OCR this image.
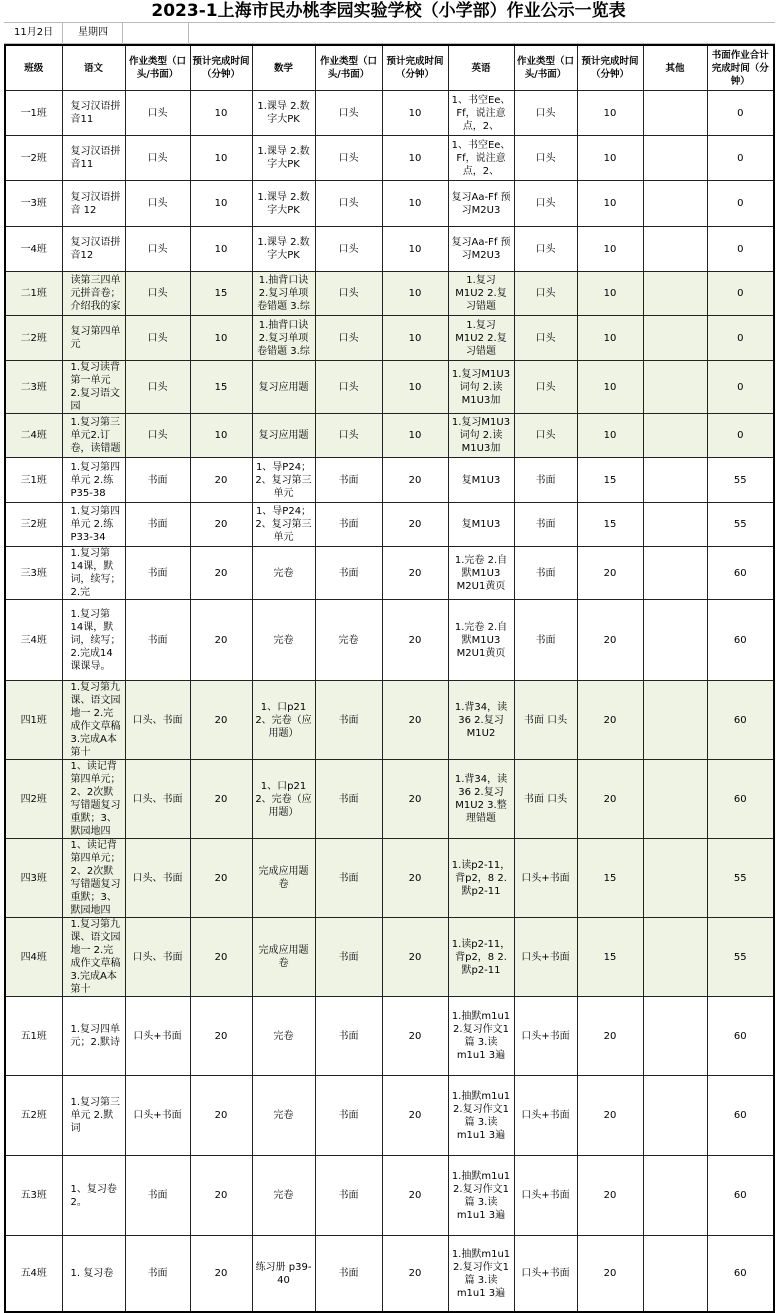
2023-1上海市民办桃李园实验学校（小学部）作业公示一览表
11月2日 星期四
班级	语文	作业类型（口头/书面）	预计完成时间（分钟）	数学	作业类型（口头/书面）	预计完成时间（分钟）	英语	作业类型（口头/书面）	预计完成时间（分钟）	其他	书面作业合计完成时间（分钟）
一1班	复习汉语拼音11	口头	10	1.课导 2.数字大PK	口头	10	1、书空Ee、Ff，说注意点，2、	口头	10		0
一2班	复习汉语拼音11	口头	10	1.课导 2.数字大PK	口头	10	1、书空Ee、Ff，说注意点，2、	口头	10		0
一3班	复习汉语拼音 12	口头	10	1.课导 2.数字大PK	口头	10	复习Aa-Ff 预习M2U3	口头	10		0
一4班	复习汉语拼音12	口头	10	1.课导 2.数字大PK	口头	10	复习Aa-Ff 预习M2U3	口头	10		0
二1班	读第三四单元拼音卷；介绍我的家	口头	15	1.抽背口诀 2.复习单项卷错题 3.综	口头	10	1.复习 M1U2 2.复习错题	口头	10		0
二2班	复习第四单元	口头	10	1.抽背口诀 2.复习单项卷错题 3.综	口头	10	1.复习 M1U2 2.复习错题	口头	10		0
二3班	1.复习读背第一单元 2.复习语文园	口头	15	复习应用题	口头	10	1.复习M1U3词句 2.读M1U3加	口头	10		0
二4班	1.复习第三单元2.订卷，读错题	口头	10	复习应用题	口头	10	1.复习M1U3词句 2.读M1U3加	口头	10		0
三1班	1.复习第四单元 2.练 P35-38	书面	20	1、导P24；2、复习第三单元	书面	20	复M1U3	书面	15		55
三2班	1.复习第四单元 2.练 P33-34	书面	20	1、导P24；2、复习第三单元	书面	20	复M1U3	书面	15		55
三3班	1.复习第14课，默词，续写；2.完	书面	20	完卷	书面	20	1.完卷 2.自默M1U3 M2U1黄页	书面	20		60
三4班	1.复习第14课，默词，续写；2.完成14课课导。	书面	20	完卷	完卷	20	1.完卷 2.自默M1U3 M2U1黄页	书面	20		60
四1班	1.复习第九课、语文园地一 2.完成作文草稿 3.完成A本第十	口头、书面	20	1、口p21 2、完卷（应用题）	书面	20	1.背34，读36 2.复习 M1U2	书面 口头	20		60
四2班	1、读记背第四单元；2、2次默写错题复习重默；3、默园地四	口头、书面	20	1、口p21 2、完卷（应用题）	书面	20	1.背34，读36 2.复习 M1U2 3.整理错题	书面 口头	20		60
四3班	1、读记背第四单元；2、2次默写错题复习重默；3、默园地四	口头、书面	20	完成应用题卷	书面	20	1.读p2-11，背p2，8 2.默p2-11	口头+书面	15		55
四4班	1.复习第九课、语文园地一 2.完成作文草稿 3.完成A本第十	口头、书面	20	完成应用题卷	书面	20	1.读p2-11，背p2，8 2.默p2-11	口头+书面	15		55
五1班	1.复习四单元；2.默诗	口头+书面	20	完卷	书面	20	1.抽默m1u1 2.复习作文1篇 3.读 m1u1 3遍	口头+书面	20		60
五2班	1.复习第三单元 2.默词	口头+书面	20	完卷	书面	20	1.抽默m1u1 2.复习作文1篇 3.读 m1u1 3遍	口头+书面	20		60
五3班	1、复习卷2。	书面	20	完卷	书面	20	1.抽默m1u1 2.复习作文1篇 3.读 m1u1 3遍	口头+书面	20		60
五4班	1. 复习卷	书面	20	练习册 p39-40	书面	20	1.抽默m1u1 2.复习作文1篇 3.读 m1u1 3遍	口头+书面	20		60
